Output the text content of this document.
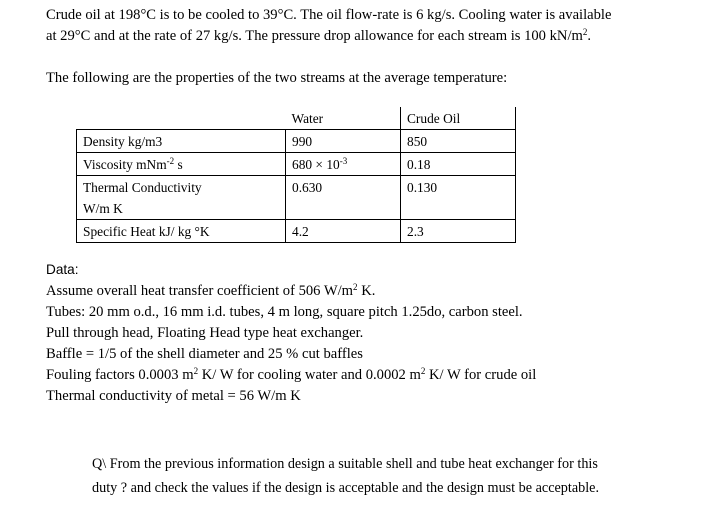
Crude oil at 198°C is to be cooled to 39°C. The oil flow-rate is 6 kg/s. Cooling water is available
at 29°C and at the rate of 27 kg/s. The pressure drop allowance for each stream is 100 $kN/m^2$.
The following are the properties of the two streams at the average temperature:
	Water	Crude Oil
Density kg/m3	990	850
Viscosity mNm$^{-2}$ s	$680 \times 10^{-3}$	0.18

Thermal Conductivity
W/m K	0.630	0.130
Specific Heat kJ/ kg °K	4.2	2.3
Data:
Assume overall heat transfer coefficient of 506 $W/m^2$ K.
Tubes: 20 mm o.d., 16 mm i.d. tubes, 4 m long, square pitch 1.25do, carbon steel.
Pull through head, Floating Head type heat exchanger.
Baffle = 1/5 of the shell diameter and 25 % cut baffles
Fouling factors 0.0003 $m^2$ K/ W for cooling water and 0.0002 $m^2$ K/ W for crude oil
Thermal conductivity of metal = 56 W/m K
Q\ From the previous information design a suitable shell and tube heat exchanger for this
duty ? and check the values if the design is acceptable and the design must be acceptable.
